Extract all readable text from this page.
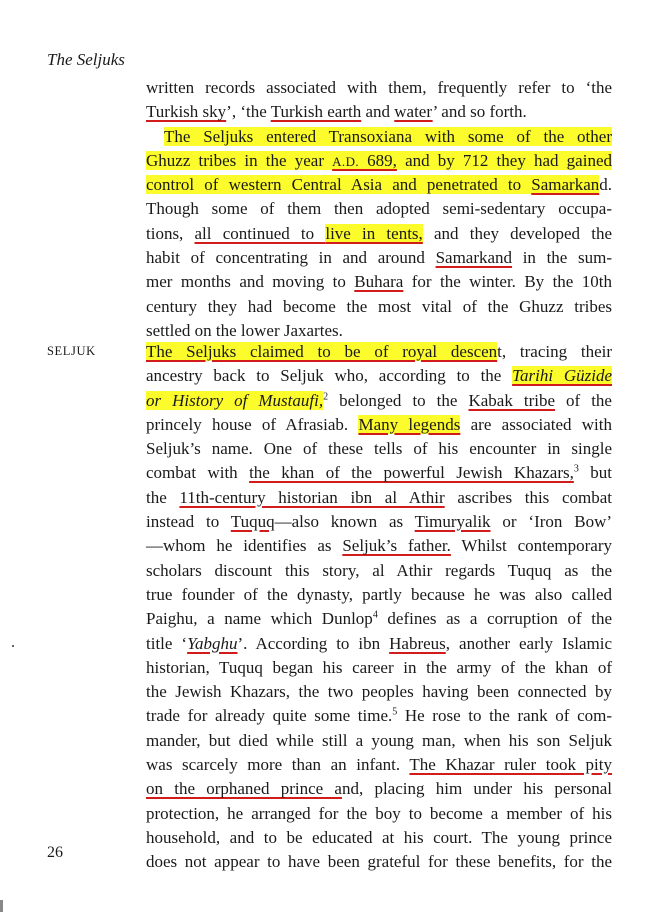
The Seljuks
written records associated with them, frequently refer to ‘the
Turkish sky’, ‘the Turkish earth and water’ and so forth.
The Seljuks entered Transoxiana with some of the other
Ghuzz tribes in the year A.D. 689, and by 712 they had gained
control of western Central Asia and penetrated to Samarkand.
Though some of them then adopted semi-sedentary occupa-
tions, all continued to live in tents, and they developed the
habit of concentrating in and around Samarkand in the sum-
mer months and moving to Buhara for the winter. By the 10th
century they had become the most vital of the Ghuzz tribes
settled on the lower Jaxartes.
SELJUK	The Seljuks claimed to be of royal descent, tracing their
ancestry back to Seljuk who, according to the Tarihi Güzide
or History of Mustaufi,$^2$ belonged to the Kabak tribe of the
princely house of Afrasiab. Many legends are associated with
Seljuk’s name. One of these tells of his encounter in single
combat with the khan of the powerful Jewish Khazars,$^3$ but
the 11th-century historian ibn al Athir ascribes this combat
instead to Tuquq—also known as Timuryalik or ‘Iron Bow’
—whom he identifies as Seljuk’s father. Whilst contemporary
scholars discount this story, al Athir regards Tuquq as the
true founder of the dynasty, partly because he was also called
Paighu, a name which Dunlop$^4$ defines as a corruption of the
title ‘Yabghu’. According to ibn Habreus, another early Islamic
historian, Tuquq began his career in the army of the khan of
the Jewish Khazars, the two peoples having been connected by
trade for already quite some time.$^5$ He rose to the rank of com-
mander, but died while still a young man, when his son Seljuk
was scarcely more than an infant. The Khazar ruler took pity
on the orphaned prince and, placing him under his personal
protection, he arranged for the boy to become a member of his
household, and to be educated at his court. The young prince
does not appear to have been grateful for these benefits, for the
26
